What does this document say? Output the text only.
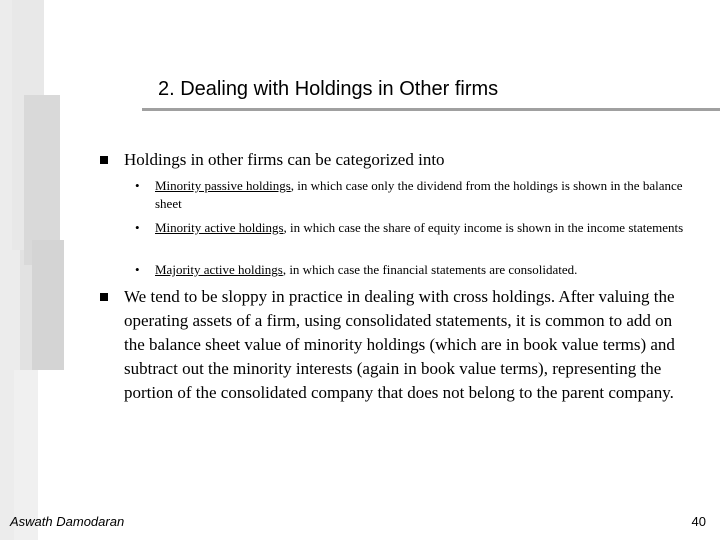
2. Dealing with Holdings in Other firms
Holdings in other firms can be categorized into
•	Minority passive holdings, in which case only the dividend from the holdings is shown in the balance sheet
•	Minority active holdings, in which case the share of equity income is shown in the income statements
•	Majority active holdings, in which case the financial statements are consolidated.
We tend to be sloppy in practice in dealing with cross holdings. After valuing the operating assets of a firm, using consolidated statements, it is common to add on the balance sheet value of minority holdings (which are in book value terms) and subtract out the minority interests (again in book value terms), representing the portion of the consolidated company that does not belong to the parent company.
Aswath Damodaran	40
